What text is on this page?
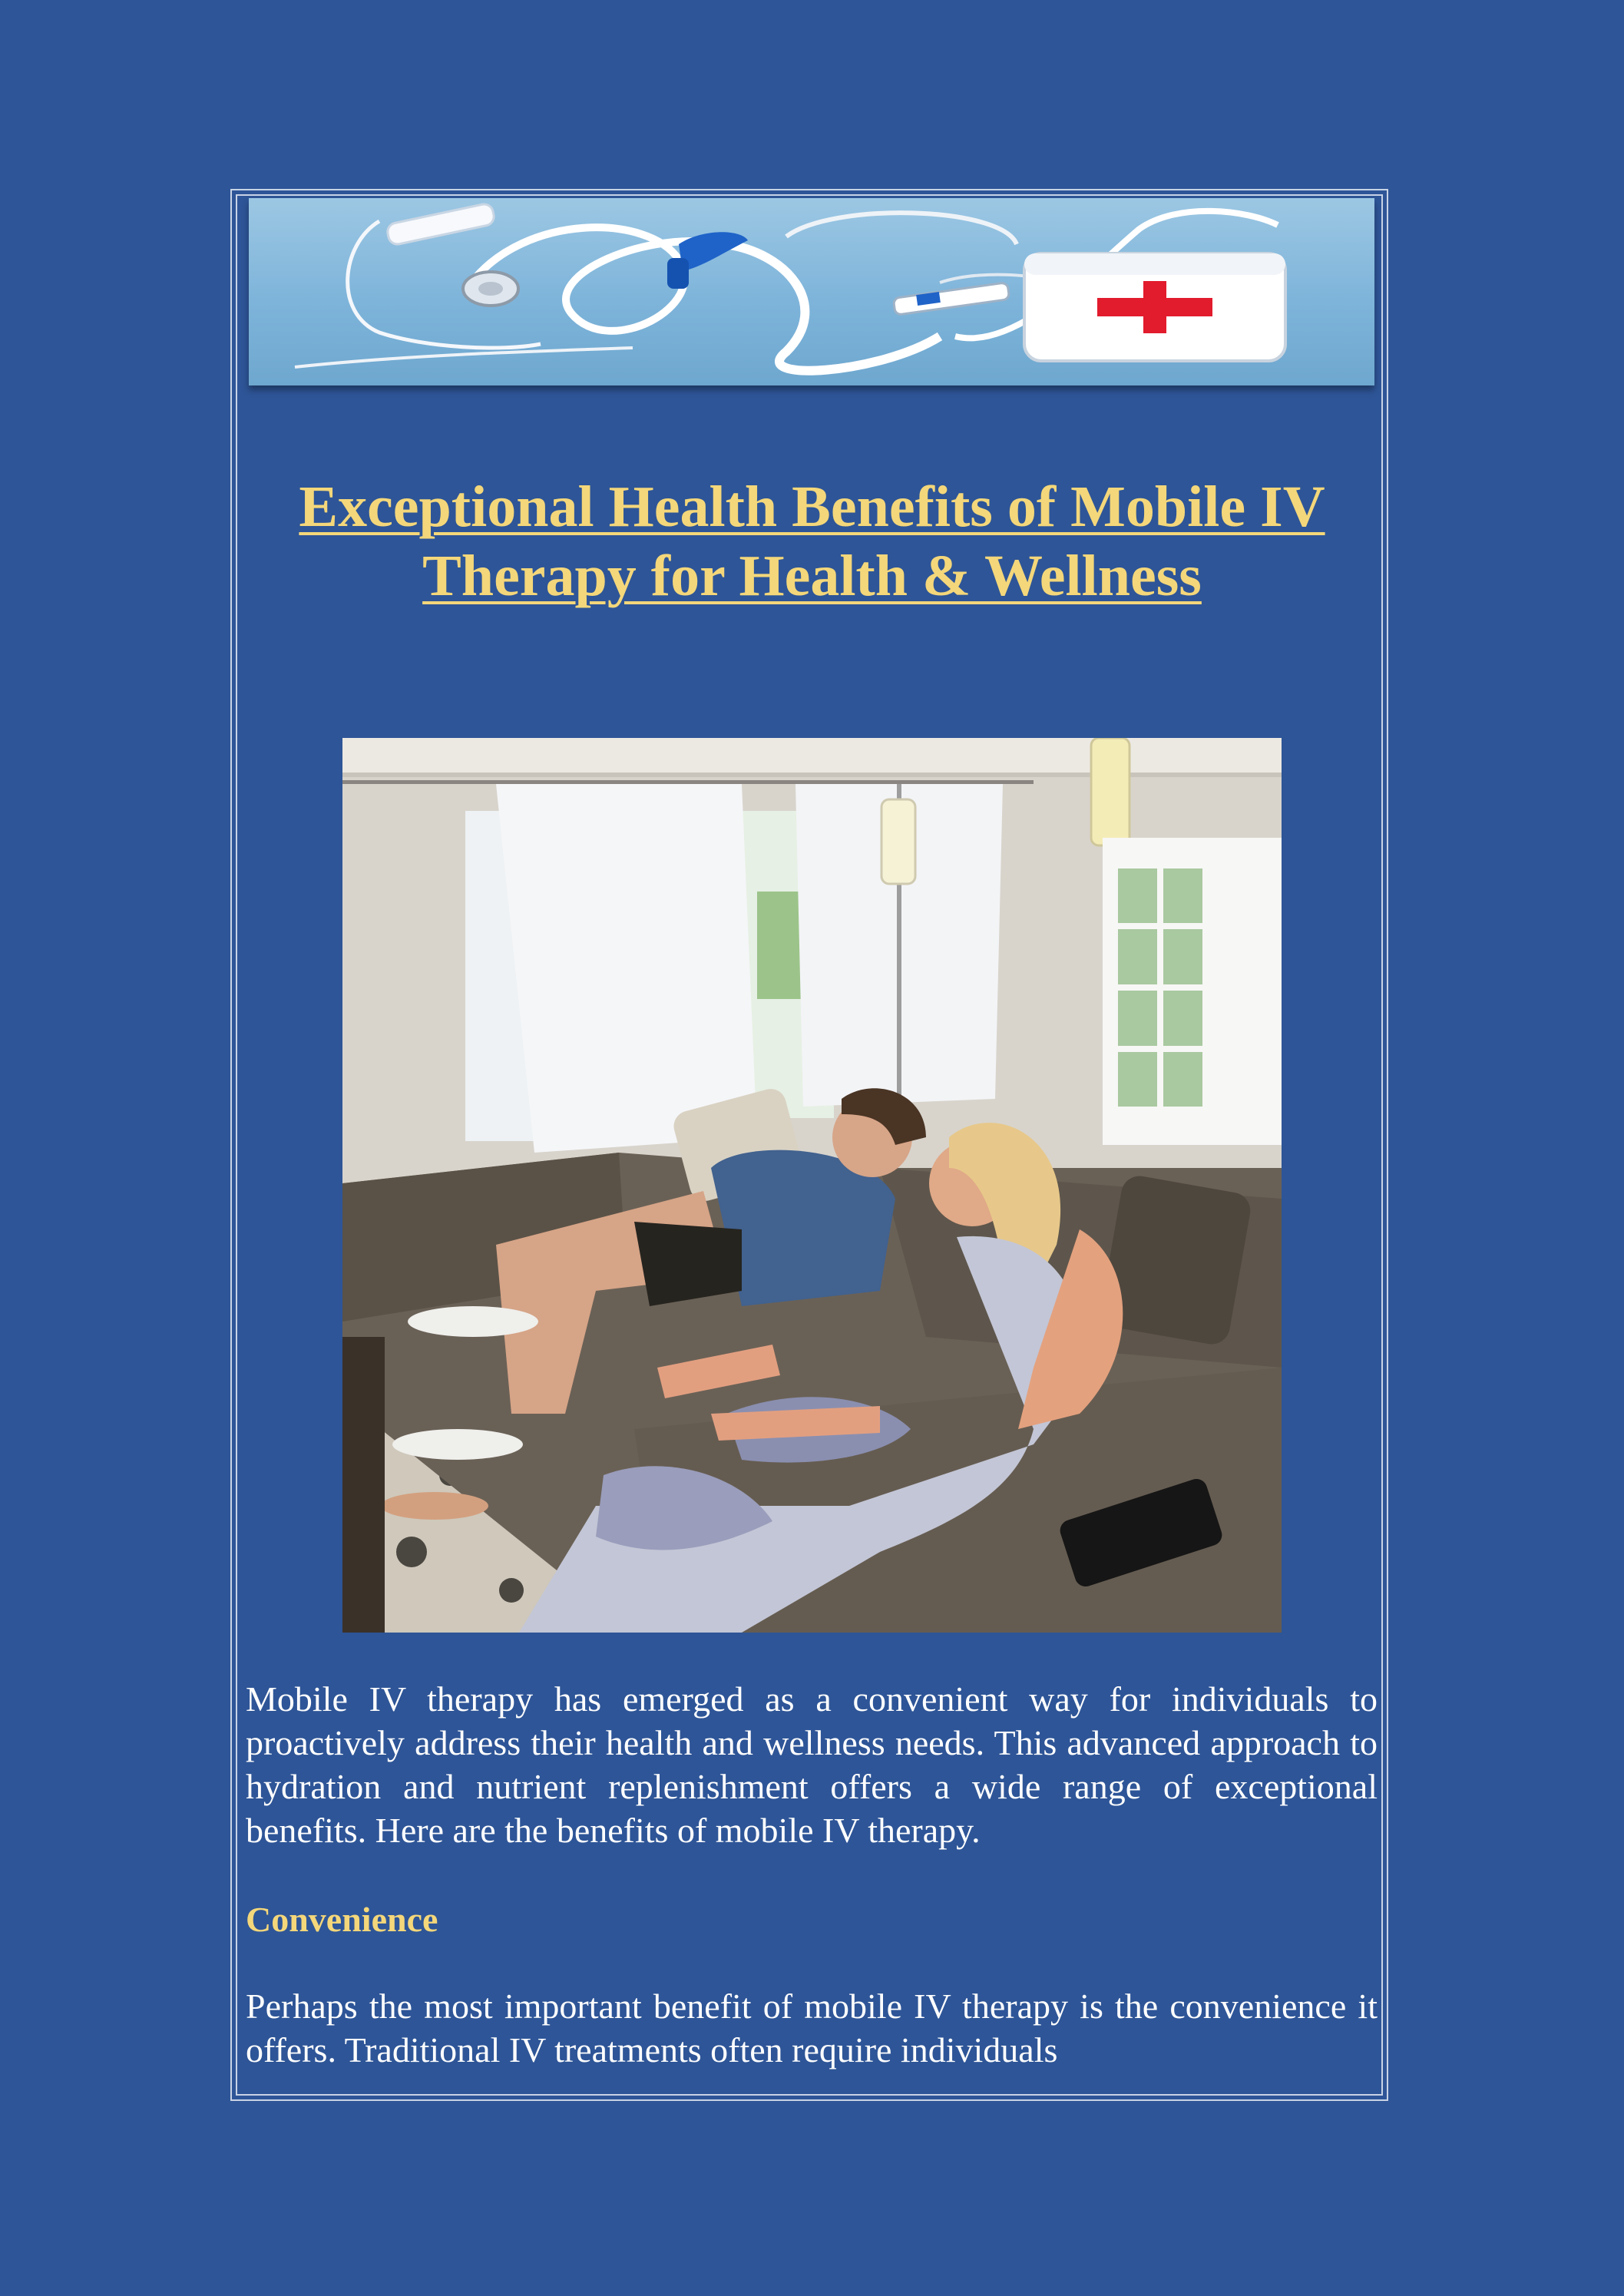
Exceptional Health Benefits of Mobile IV Therapy for Health & Wellness

Mobile IV therapy has emerged as a convenient way for individuals to proactively address their health and wellness needs. This advanced approach to hydration and nutrient replenishment offers a wide range of exceptional benefits. Here are the benefits of mobile IV therapy.

Convenience

Perhaps the most important benefit of mobile IV therapy is the convenience it offers. Traditional IV treatments often require individuals
